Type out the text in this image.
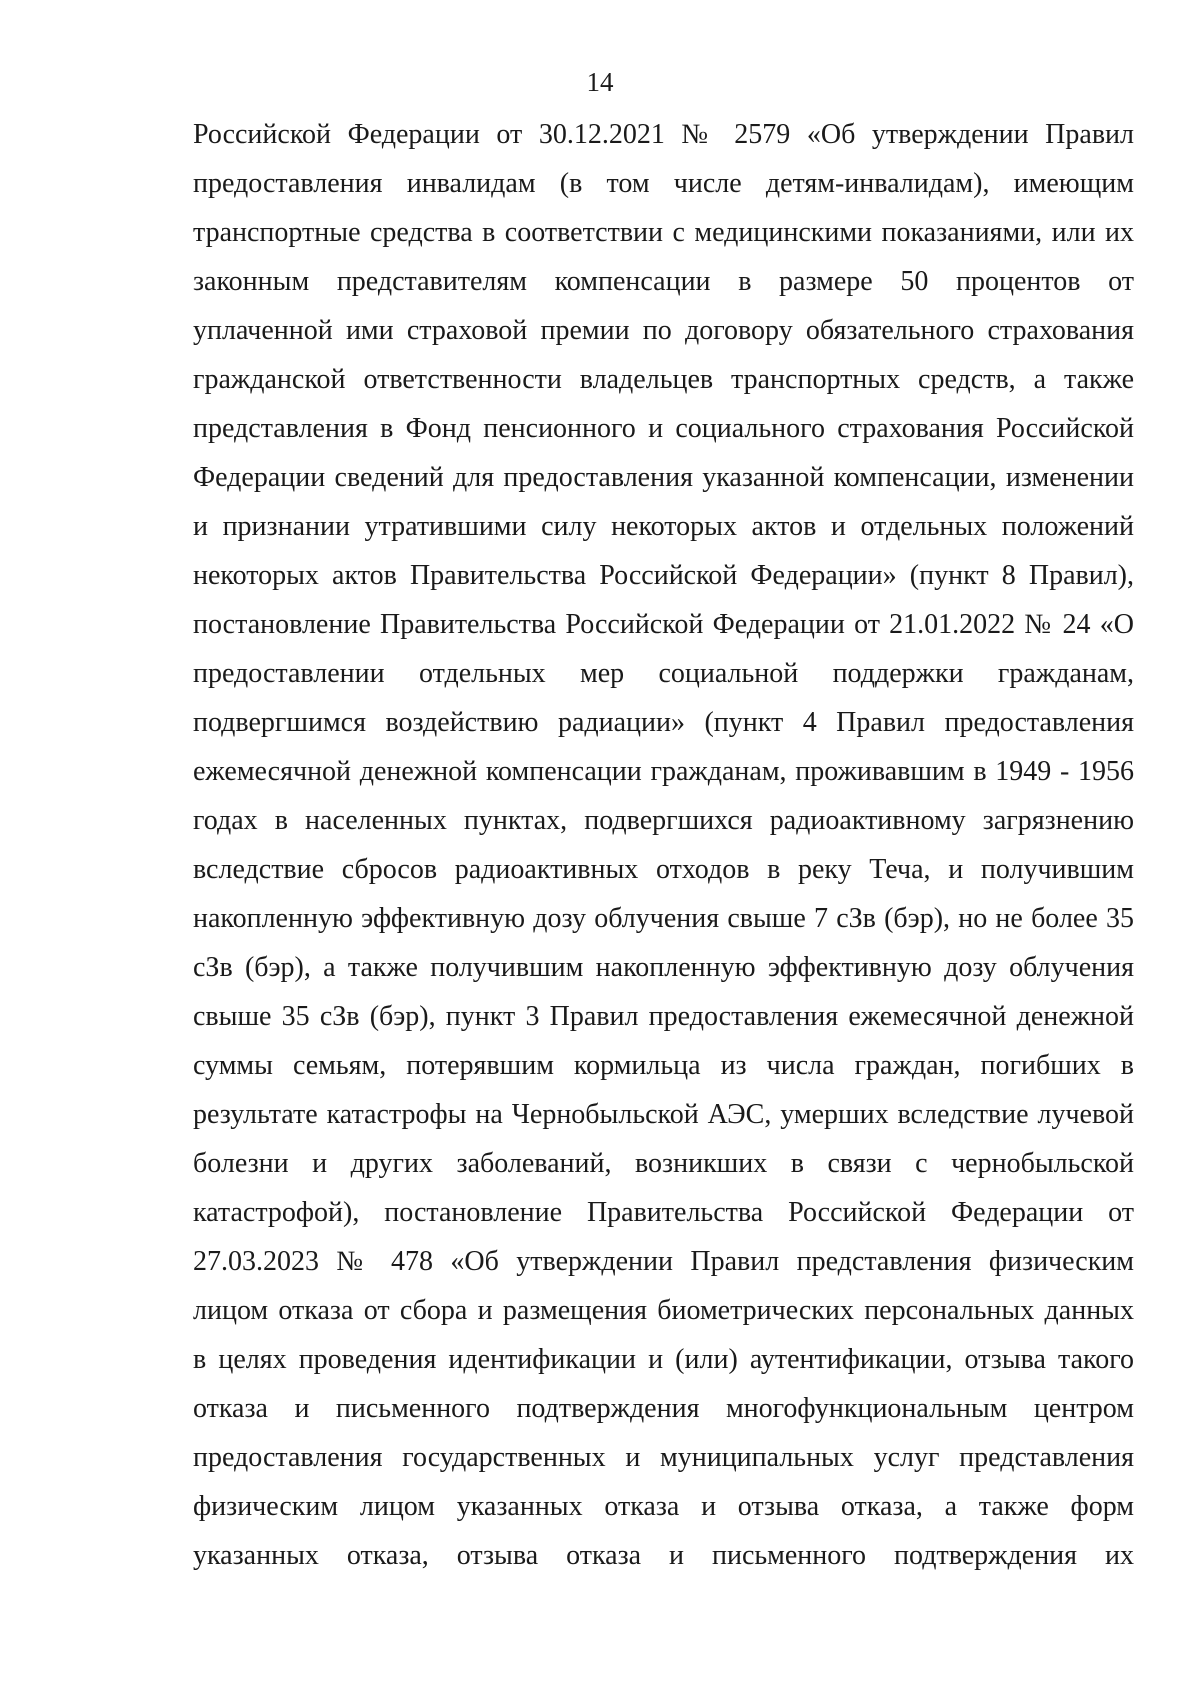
14
Российской Федерации от 30.12.2021 № 2579 «Об утверждении Правил
предоставления инвалидам (в том числе детям-инвалидам), имеющим
транспортные средства в соответствии с медицинскими показаниями, или их
законным представителям компенсации в размере 50 процентов от
уплаченной ими страховой премии по договору обязательного страхования
гражданской ответственности владельцев транспортных средств, а также
представления в Фонд пенсионного и социального страхования Российской
Федерации сведений для предоставления указанной компенсации, изменении
и признании утратившими силу некоторых актов и отдельных положений
некоторых актов Правительства Российской Федерации» (пункт 8 Правил),
постановление Правительства Российской Федерации от 21.01.2022 № 24 «О
предоставлении отдельных мер социальной поддержки гражданам,
подвергшимся воздействию радиации» (пункт 4 Правил предоставления
ежемесячной денежной компенсации гражданам, проживавшим в 1949 - 1956
годах в населенных пунктах, подвергшихся радиоактивному загрязнению
вследствие сбросов радиоактивных отходов в реку Теча, и получившим
накопленную эффективную дозу облучения свыше 7 сЗв (бэр), но не более 35
сЗв (бэр), а также получившим накопленную эффективную дозу облучения
свыше 35 сЗв (бэр), пункт 3 Правил предоставления ежемесячной денежной
суммы семьям, потерявшим кормильца из числа граждан, погибших в
результате катастрофы на Чернобыльской АЭС, умерших вследствие лучевой
болезни и других заболеваний, возникших в связи с чернобыльской
катастрофой), постановление Правительства Российской Федерации от
27.03.2023 № 478 «Об утверждении Правил представления физическим
лицом отказа от сбора и размещения биометрических персональных данных
в целях проведения идентификации и (или) аутентификации, отзыва такого
отказа и письменного подтверждения многофункциональным центром
предоставления государственных и муниципальных услуг представления
физическим лицом указанных отказа и отзыва отказа, а также форм
указанных отказа, отзыва отказа и письменного подтверждения их
